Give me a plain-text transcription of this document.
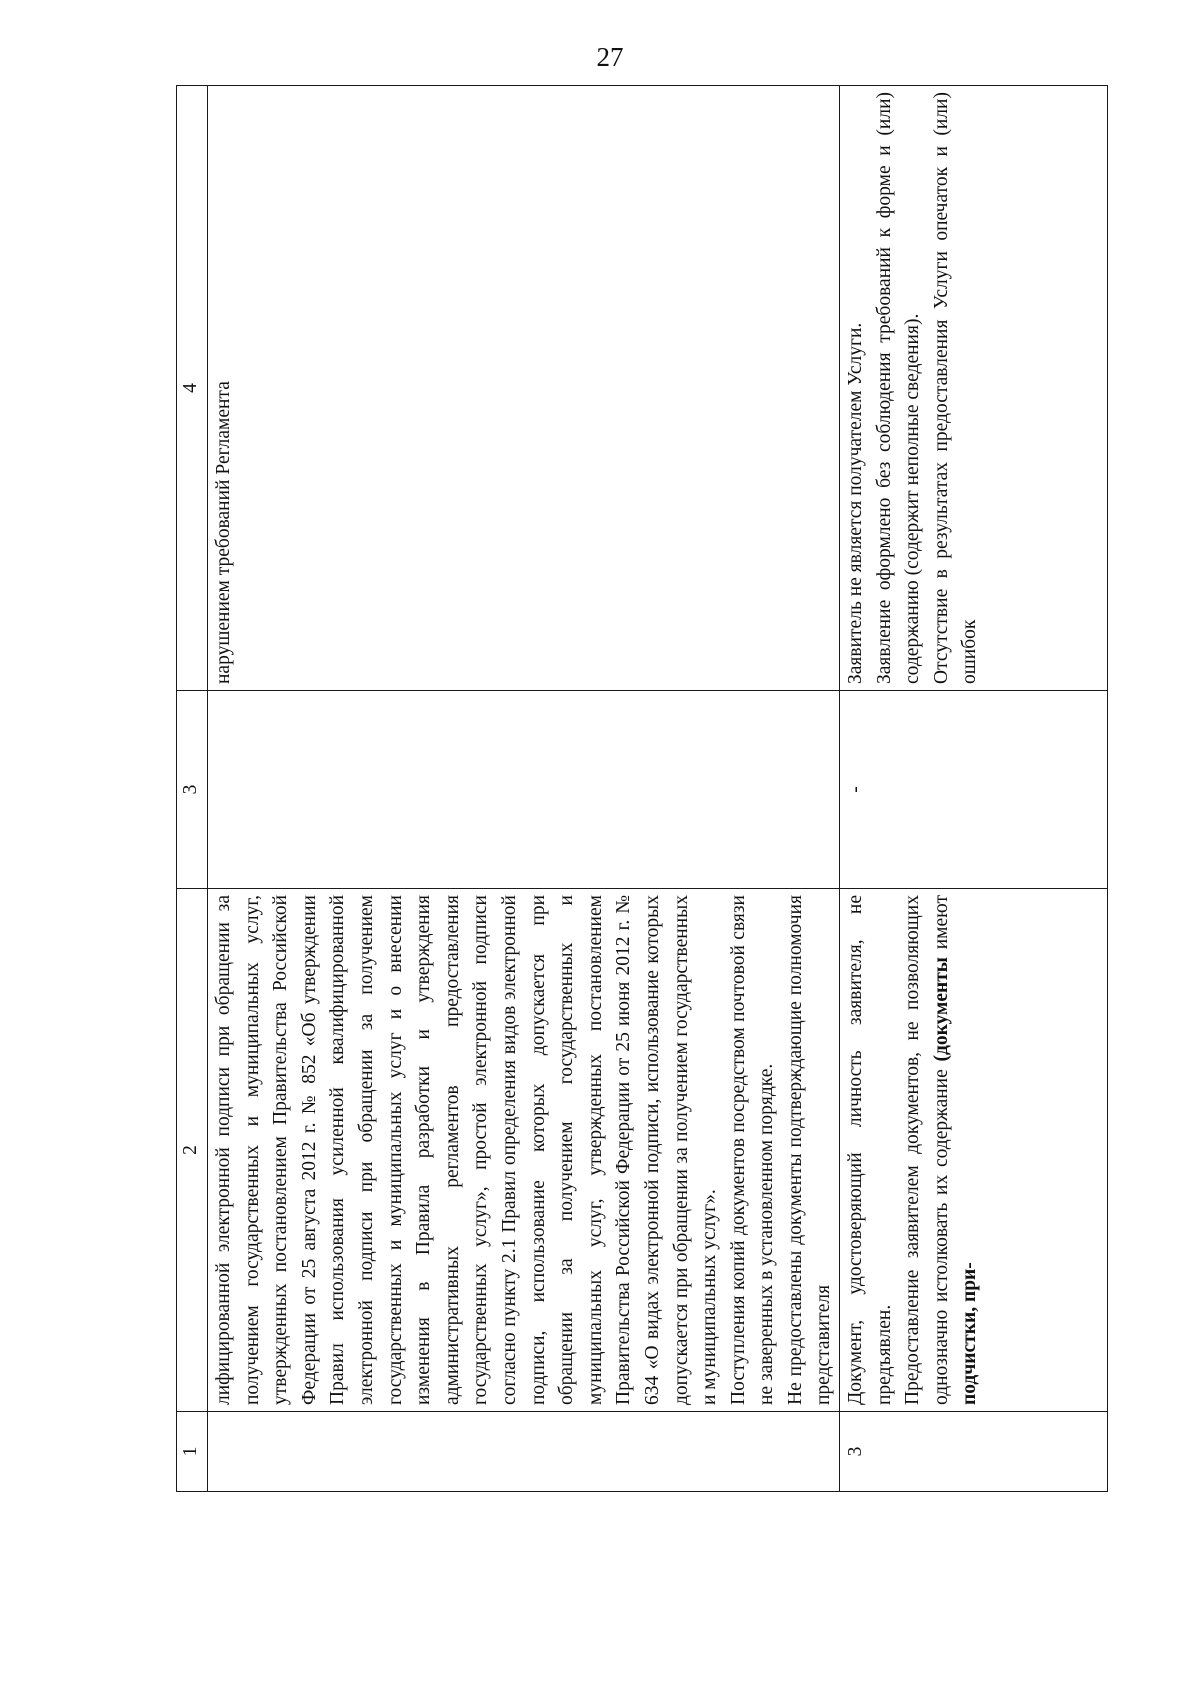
27
1	2	3	4

	лифицированной электронной подписи при обращении за получением государственных и муниципальных услуг, утвержденных постановлением Правительства Российской Федерации от 25 августа 2012 г. № 852 «Об утверждении Правил использования усиленной квалифицированной электронной подписи при обращении за получением государственных и муниципальных услуг и о внесении изменения в Правила разработки и утверждения административных регламентов предоставления государственных услуг», простой электронной подписи согласно пункту 2.1 Правил определения видов электронной подписи, использование которых допускается при обращении за получением государственных и муниципальных услуг, утвержденных постановлением Правительства Российской Федерации от 25 июня 2012 г. № 634 «О видах электронной подписи, использование которых допускается при обращении за получением государственных и муниципальных услуг». Поступления копий документов посредством почтовой связи не заверенных в установленном порядке. Не предоставлены документы подтверждающие полномочия представителя		нарушением требований Регламента

3	Документ, удостоверяющий личность заявителя, не предъявлен. Предоставление заявителем документов, не позволяющих однозначно истолковать их содержание (документы имеют подчистки, при-	-	Заявитель не является получателем Услуги. Заявление оформлено без соблюдения требований к форме и (или) содержанию (содержит неполные сведения). Отсутствие в результатах предоставления Услуги опечаток и (или) ошибок
